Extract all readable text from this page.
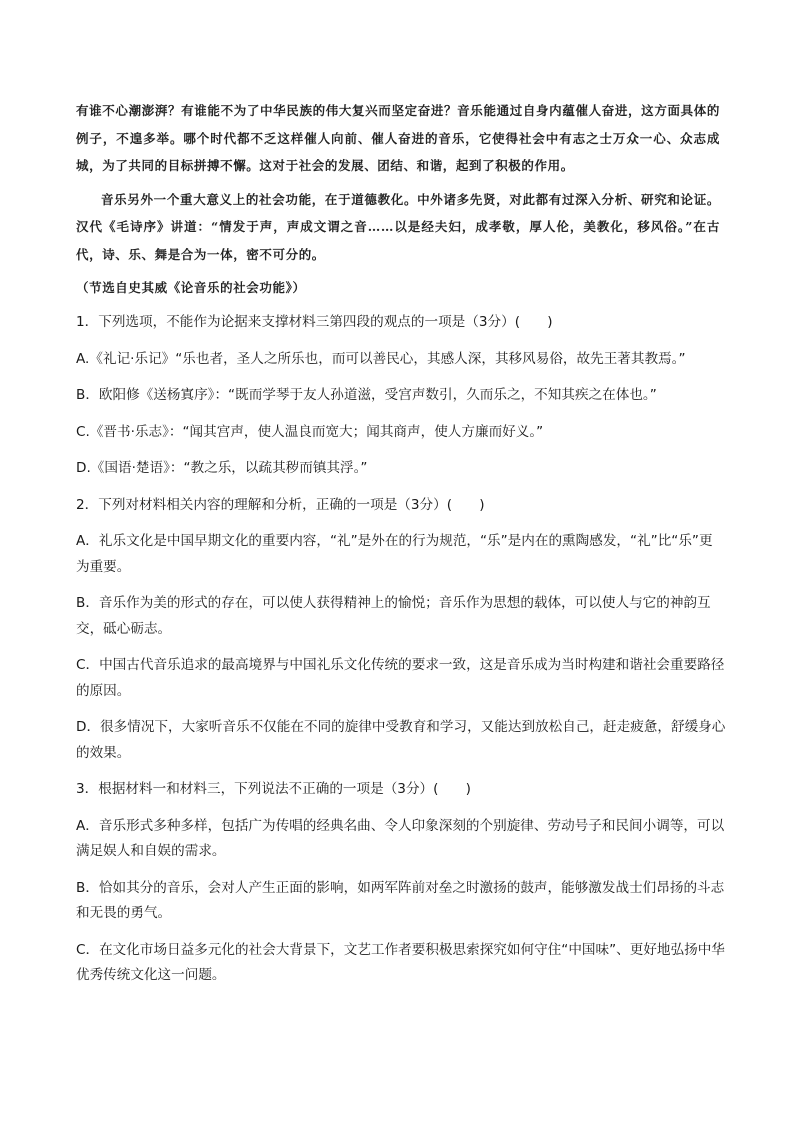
有谁不心潮澎湃？有谁能不为了中华民族的伟大复兴而坚定奋进？音乐能通过自身内蕴催人奋进，这方面具体的例子，不遑多举。哪个时代都不乏这样催人向前、催人奋进的音乐，它使得社会中有志之士万众一心、众志成城，为了共同的目标拼搏不懈。这对于社会的发展、团结、和谐，起到了积极的作用。

音乐另外一个重大意义上的社会功能，在于道德教化。中外诸多先贤，对此都有过深入分析、研究和论证。汉代《毛诗序》讲道：“情发于声，声成文谓之音……以是经夫妇，成孝敬，厚人伦，美教化，移风俗。”在古代，诗、乐、舞是合为一体，密不可分的。

（节选自史其威《论音乐的社会功能》）

1．下列选项，不能作为论据来支撑材料三第四段的观点的一项是（3分）(　　)

A.《礼记·乐记》“乐也者，圣人之所乐也，而可以善民心，其感人深，其移风易俗，故先王著其教焉。”

B．欧阳修《送杨寘序》：“既而学琴于友人孙道滋，受宫声数引，久而乐之，不知其疾之在体也。”

C.《晋书·乐志》：“闻其宫声，使人温良而宽大；闻其商声，使人方廉而好义。”

D.《国语·楚语》：“教之乐，以疏其秽而镇其浮。”

2．下列对材料相关内容的理解和分析，正确的一项是（3分）(　　)

A．礼乐文化是中国早期文化的重要内容，“礼”是外在的行为规范，“乐”是内在的熏陶感发，“礼”比“乐”更为重要。

B．音乐作为美的形式的存在，可以使人获得精神上的愉悦；音乐作为思想的载体，可以使人与它的神韵互交，砥心砺志。

C．中国古代音乐追求的最高境界与中国礼乐文化传统的要求一致，这是音乐成为当时构建和谐社会重要路径的原因。

D．很多情况下，大家听音乐不仅能在不同的旋律中受教育和学习，又能达到放松自己，赶走疲惫，舒缓身心的效果。

3．根据材料一和材料三，下列说法不正确的一项是（3分）(　　)

A．音乐形式多种多样，包括广为传唱的经典名曲、令人印象深刻的个别旋律、劳动号子和民间小调等，可以满足娱人和自娱的需求。

B．恰如其分的音乐，会对人产生正面的影响，如两军阵前对垒之时激扬的鼓声，能够激发战士们昂扬的斗志和无畏的勇气。

C．在文化市场日益多元化的社会大背景下，文艺工作者要积极思索探究如何守住“中国味”、更好地弘扬中华优秀传统文化这一问题。
